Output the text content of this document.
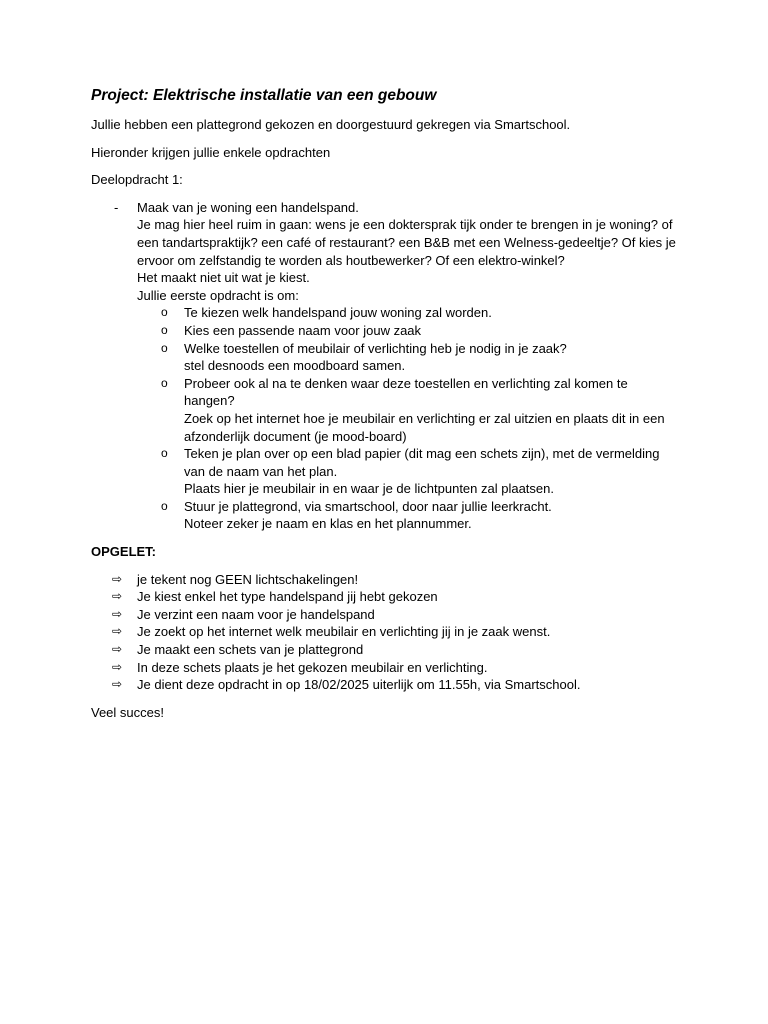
Project: Elektrische installatie van een gebouw
Jullie hebben een plattegrond gekozen en doorgestuurd gekregen via Smartschool.
Hieronder krijgen jullie enkele opdrachten
Deelopdracht 1:
- Maak van je woning een handelspand.
Je mag hier heel ruim in gaan: wens je een doktersprak tijk onder te brengen in je woning? of
een tandartspraktijk? een café of restaurant? een B&B met een Welness-gedeeltje? Of kies je
ervoor om zelfstandig te worden als houtbewerker? Of een elektro-winkel?
Het maakt niet uit wat je kiest.
Jullie eerste opdracht is om:
o Te kiezen welk handelspand jouw woning zal worden.
o Kies een passende naam voor jouw zaak
o Welke toestellen of meubilair of verlichting heb je nodig in je zaak?
stel desnoods een moodboard samen.
o Probeer ook al na te denken waar deze toestellen en verlichting zal komen te
hangen?
Zoek op het internet hoe je meubilair en verlichting er zal uitzien en plaats dit in een
afzonderlijk document (je mood-board)
o Teken je plan over op een blad papier (dit mag een schets zijn), met de vermelding
van de naam van het plan.
Plaats hier je meubilair in en waar je de lichtpunten zal plaatsen.
o Stuur je plattegrond, via smartschool, door naar jullie leerkracht.
Noteer zeker je naam en klas en het plannummer.
OPGELET:
⇨ je tekent nog GEEN lichtschakelingen!
⇨ Je kiest enkel het type handelspand jij hebt gekozen
⇨ Je verzint een naam voor je handelspand
⇨ Je zoekt op het internet welk meubilair en verlichting jij in je zaak wenst.
⇨ Je maakt een schets van je plattegrond
⇨ In deze schets plaats je het gekozen meubilair en verlichting.
⇨ Je dient deze opdracht in op 18/02/2025 uiterlijk om 11.55h, via Smartschool.
Veel succes!
